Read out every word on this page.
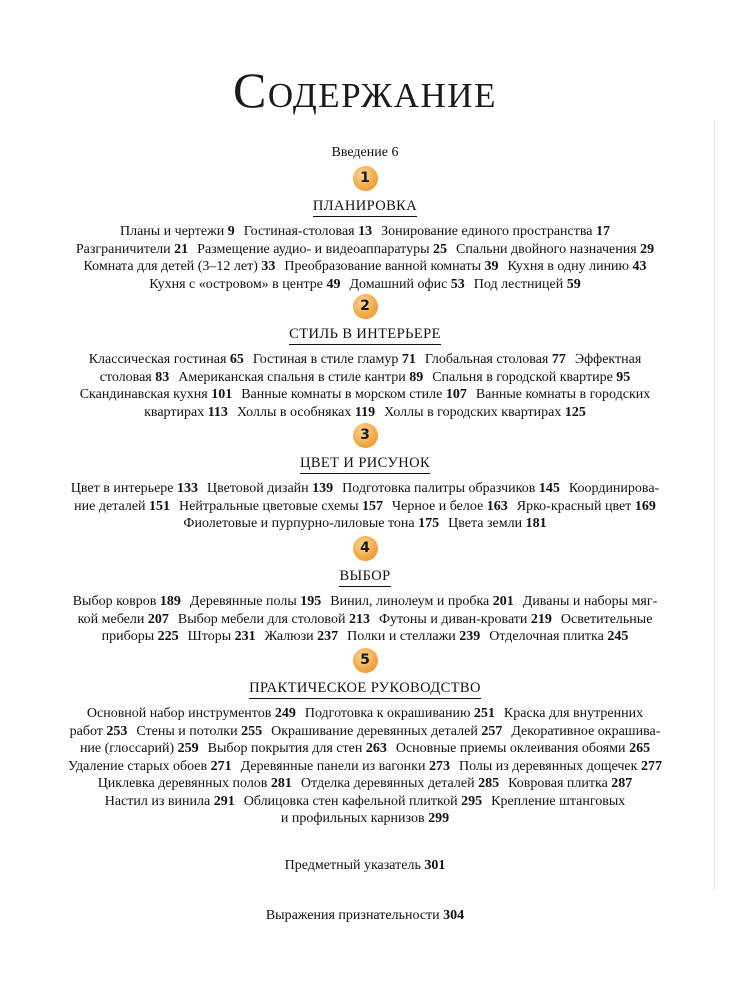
Содержание
Введение 6
1
ПЛАНИРОВКА
Планы и чертежи 9 Гостиная-столовая 13 Зонирование единого пространства 17
Разграничители 21 Размещение аудио- и видеоаппаратуры 25 Спальни двойного назначения 29
Комната для детей (3–12 лет) 33 Преобразование ванной комнаты 39 Кухня в одну линию 43
Кухня с «островом» в центре 49 Домашний офис 53 Под лестницей 59
2
СТИЛЬ В ИНТЕРЬЕРЕ
Классическая гостиная 65 Гостиная в стиле гламур 71 Глобальная столовая 77 Эффектная
столовая 83 Американская спальня в стиле кантри 89 Спальня в городской квартире 95
Скандинавская кухня 101 Ванные комнаты в морском стиле 107 Ванные комнаты в городских
квартирах 113 Холлы в особняках 119 Холлы в городских квартирах 125
3
ЦВЕТ И РИСУНОК
Цвет в интерьере 133 Цветовой дизайн 139 Подготовка палитры образчиков 145 Координирова-
ние деталей 151 Нейтральные цветовые схемы 157 Черное и белое 163 Ярко-красный цвет 169
Фиолетовые и пурпурно-лиловые тона 175 Цвета земли 181
4
ВЫБОР
Выбор ковров 189 Деревянные полы 195 Винил, линолеум и пробка 201 Диваны и наборы мяг-
кой мебели 207 Выбор мебели для столовой 213 Футоны и диван-кровати 219 Осветительные
приборы 225 Шторы 231 Жалюзи 237 Полки и стеллажи 239 Отделочная плитка 245
5
ПРАКТИЧЕСКОЕ РУКОВОДСТВО
Основной набор инструментов 249 Подготовка к окрашиванию 251 Краска для внутренних
работ 253 Стены и потолки 255 Окрашивание деревянных деталей 257 Декоративное окрашива-
ние (глоссарий) 259 Выбор покрытия для стен 263 Основные приемы оклеивания обоями 265
Удаление старых обоев 271 Деревянные панели из вагонки 273 Полы из деревянных дощечек 277
Циклевка деревянных полов 281 Отделка деревянных деталей 285 Ковровая плитка 287
Настил из винила 291 Облицовка стен кафельной плиткой 295 Крепление штанговых
и профильных карнизов 299
Предметный указатель 301
Выражения признательности 304
